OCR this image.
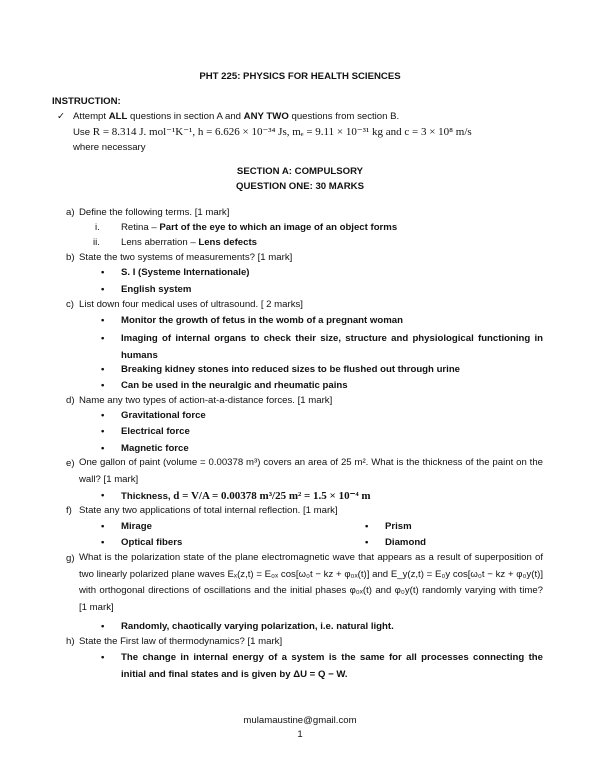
PHT 225: PHYSICS FOR HEALTH SCIENCES
INSTRUCTION:
✓ Attempt ALL questions in section A and ANY TWO questions from section B.
Use R = 8.314 J. mol⁻¹K⁻¹, h = 6.626 × 10⁻³⁴ Js, mₑ = 9.11 × 10⁻³¹ kg and c = 3 × 10⁸ m/s
where necessary
SECTION A: COMPULSORY
QUESTION ONE: 30 MARKS
a) Define the following terms. [1 mark]
i. Retina – Part of the eye to which an image of an object forms
ii. Lens aberration – Lens defects
b) State the two systems of measurements? [1 mark]
• S. I (Systeme Internationale)
• English system
c) List down four medical uses of ultrasound. [ 2 marks]
• Monitor the growth of fetus in the womb of a pregnant woman
• Imaging of internal organs to check their size, structure and physiological functioning in humans
• Breaking kidney stones into reduced sizes to be flushed out through urine
• Can be used in the neuralgic and rheumatic pains
d) Name any two types of action-at-a-distance forces. [1 mark]
• Gravitational force
• Electrical force
• Magnetic force
e) One gallon of paint (volume = 0.00378 m³) covers an area of 25 m². What is the thickness of the paint on the wall? [1 mark]
• Thickness, d = V/A = 0.00378 m³/25 m² = 1.5 × 10⁻⁴ m
f) State any two applications of total internal reflection. [1 mark]
• Mirage	• Prism
• Optical fibers	• Diamond
g) What is the polarization state of the plane electromagnetic wave that appears as a result of superposition of two linearly polarized plane waves Eₓ(z,t) = E₀ₓ cos[ω₀t − kz + φ₀ₓ(t)] and E_y(z,t) = E₀y cos[ω₀t − kz + φ₀y(t)] with orthogonal directions of oscillations and the initial phases φ₀ₓ(t) and φ₀y(t) randomly varying with time? [1 mark]
• Randomly, chaotically varying polarization, i.e. natural light.
h) State the First law of thermodynamics? [1 mark]
• The change in internal energy of a system is the same for all processes connecting the initial and final states and is given by ΔU = Q − W.
mulamaustine@gmail.com
1
